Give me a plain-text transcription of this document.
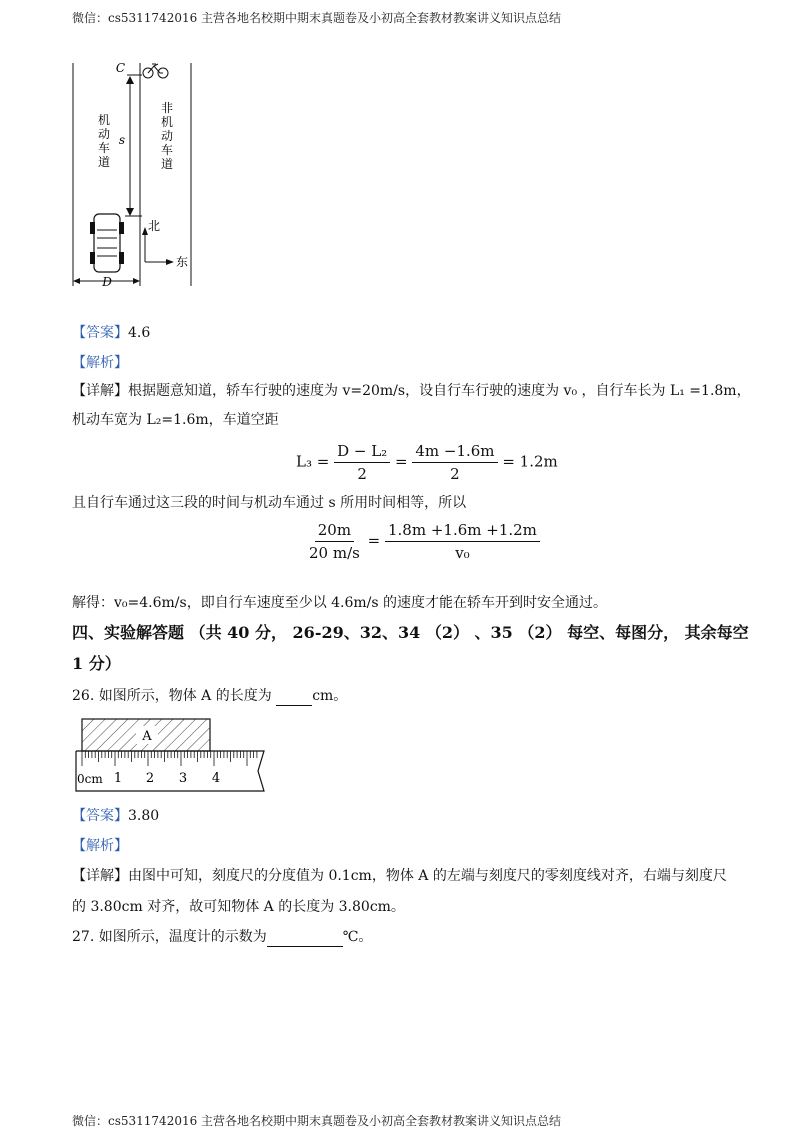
微信：cs5311742016 主营各地名校期中期末真题卷及小初高全套教材教案讲义知识点总结
C
s
机
动
车
道
非
机
动
车
道
北
东
D
【答案】4.6
【解析】
【详解】根据题意知道，轿车行驶的速度为 v=20m/s，设自行车行驶的速度为 v₀ ，自行车长为 L₁ =1.8m，
机动车宽为 L₂=1.6m，车道空距
$L_3 = \frac{\text{D − L₂}}{2} = \frac{4m -1.6m}{2} = 1.2m$
且自行车通过这三段的时间与机动车通过 s 所用时间相等，所以
$\frac{20m}{20 m/s} = \frac{1.8m +1.6m +1.2m}{\text{v₀}}$
解得：v₀=4.6m/s，即自行车速度至少以 4.6m/s 的速度才能在轿车开到时安全通过。
四、实验解答题 （共 40 分， 26-29、32、34 （2） 、35 （2） 每空、每图分， 其余每空
1 分）
26. 如图所示，物体 A 的长度为	cm。
A
0cm 1 2 3 4
【答案】3.80
【解析】
【详解】由图中可知，刻度尺的分度值为 0.1cm，物体 A 的左端与刻度尺的零刻度线对齐，右端与刻度尺
的 3.80cm 对齐，故可知物体 A 的长度为 3.80cm。
27. 如图所示，温度计的示数为	℃。
微信：cs5311742016 主营各地名校期中期末真题卷及小初高全套教材教案讲义知识点总结
